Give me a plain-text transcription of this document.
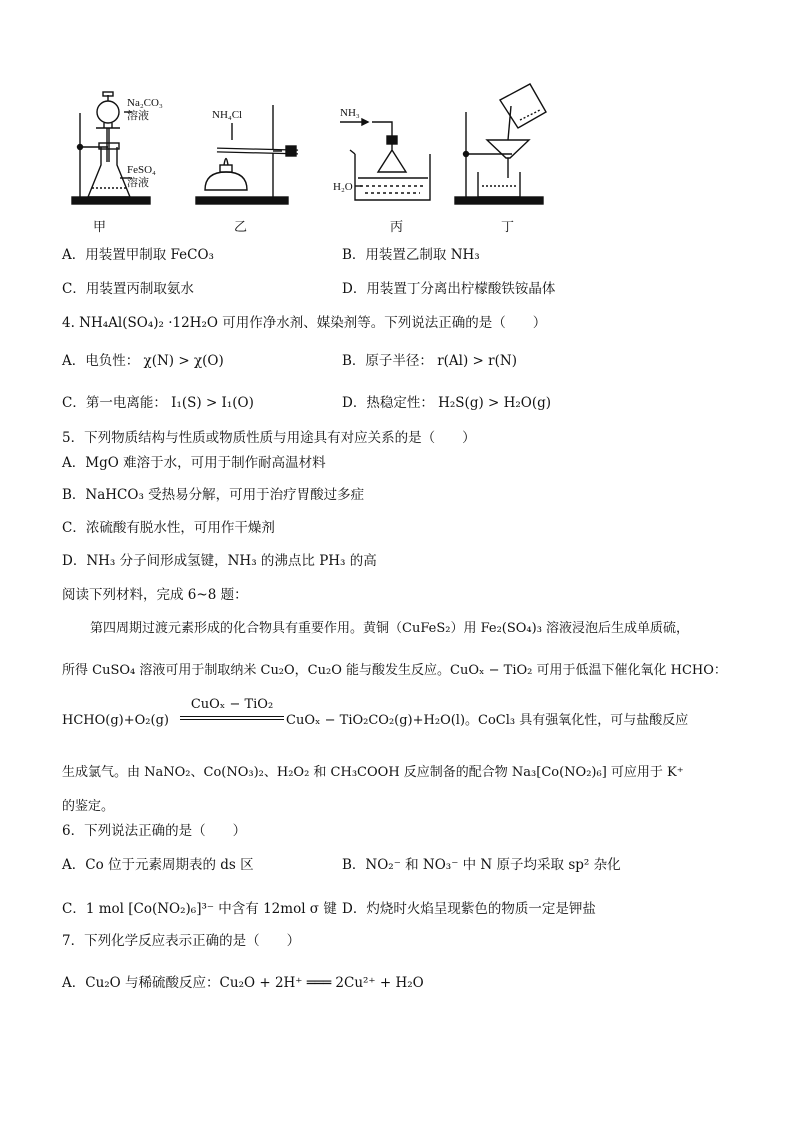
Na₂CO₃
溶液
FeSO₄
溶液
NH₄Cl	NH₃
H₂O
甲	乙	丙	丁
A．用装置甲制取 FeCO₃	B．用装置乙制取 NH₃
C．用装置丙制取氨水	D．用装置丁分离出柠檬酸铁铵晶体
4. NH₄Al(SO₄)₂ ·12H₂O 可用作净水剂、媒染剂等。下列说法正确的是（　　）
A．电负性： χ(N) > χ(O)	B．原子半径： r(Al) > r(N)
C．第一电离能： I₁(S) > I₁(O)	D．热稳定性： H₂S(g) > H₂O(g)
5．下列物质结构与性质或物质性质与用途具有对应关系的是（　　）
A．MgO 难溶于水，可用于制作耐高温材料
B．NaHCO₃ 受热易分解，可用于治疗胃酸过多症
C．浓硫酸有脱水性，可用作干燥剂
D．NH₃ 分子间形成氢键，NH₃ 的沸点比 PH₃ 的高
阅读下列材料，完成 6~8 题：
第四周期过渡元素形成的化合物具有重要作用。黄铜（CuFeS₂）用 Fe₂(SO₄)₃ 溶液浸泡后生成单质硫，
所得 CuSO₄ 溶液可用于制取纳米 Cu₂O，Cu₂O 能与酸发生反应。CuOₓ − TiO₂ 可用于低温下催化氧化 HCHO：
HCHO(g)+O₂(g)
CuOₓ − TiO₂
CuOₓ − TiO₂CO₂(g)+H₂O(l)。CoCl₃ 具有强氧化性，可与盐酸反应
生成氯气。由 NaNO₂、Co(NO₃)₂、H₂O₂ 和 CH₃COOH 反应制备的配合物 Na₃[Co(NO₂)₆] 可应用于 K⁺
的鉴定。
6．下列说法正确的是（　　）
A．Co 位于元素周期表的 ds 区	B．NO₂⁻ 和 NO₃⁻ 中 N 原子均采取 sp² 杂化
C．1 mol [Co(NO₂)₆]³⁻ 中含有 12mol σ 键 D．灼烧时火焰呈现紫色的物质一定是钾盐
7．下列化学反应表示正确的是（　　）
A．Cu₂O 与稀硫酸反应：Cu₂O + 2H⁺ ═══ 2Cu²⁺ + H₂O
